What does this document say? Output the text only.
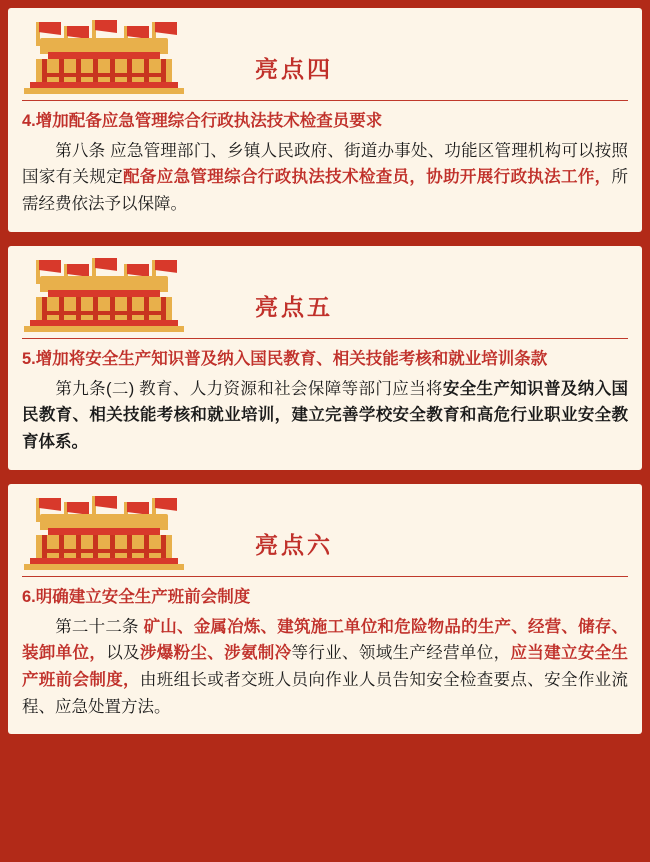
亮点四
4.增加配备应急管理综合行政执法技术检查员要求

第八条 应急管理部门、乡镇人民政府、街道办事处、功能区管理机构可以按照国家有关规定配备应急管理综合行政执法技术检查员，协助开展行政执法工作，所需经费依法予以保障。

亮点五
5.增加将安全生产知识普及纳入国民教育、相关技能考核和就业培训条款

第九条(二) 教育、人力资源和社会保障等部门应当将安全生产知识普及纳入国民教育、相关技能考核和就业培训，建立完善学校安全教育和高危行业职业安全教育体系。

亮点六
6.明确建立安全生产班前会制度

第二十二条 矿山、金属冶炼、建筑施工单位和危险物品的生产、经营、储存、装卸单位，以及涉爆粉尘、涉氨制冷等行业、领域生产经营单位，应当建立安全生产班前会制度，由班组长或者交班人员向作业人员告知安全检查要点、安全作业流程、应急处置方法。
